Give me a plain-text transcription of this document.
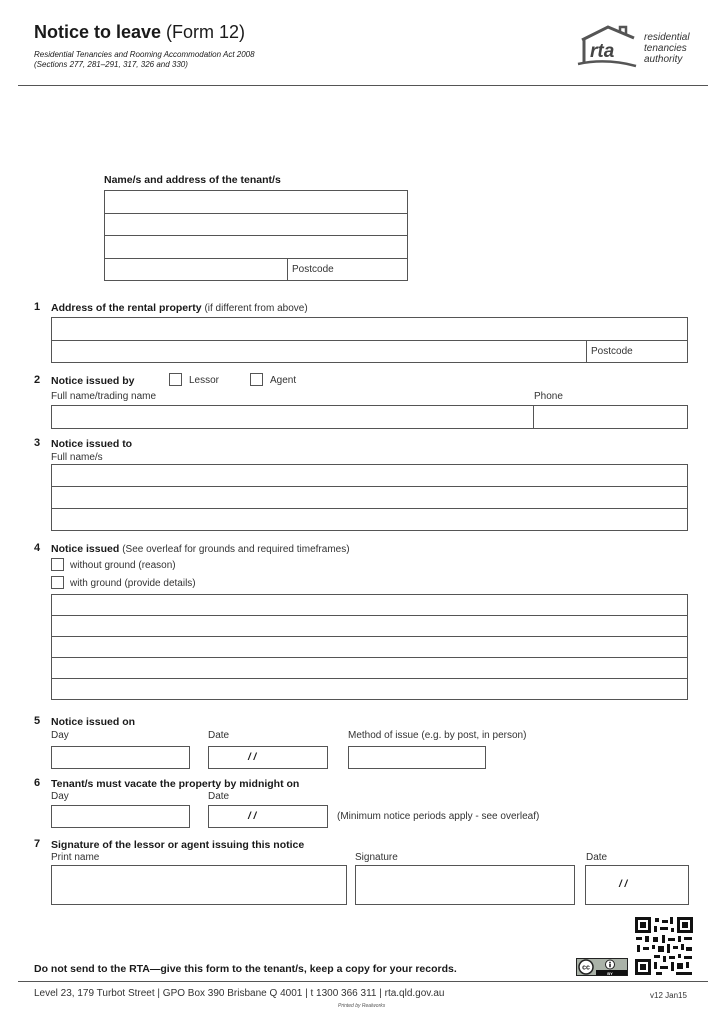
Notice to leave (Form 12)
Residential Tenancies and Rooming Accommodation Act 2008
(Sections 277, 281–291, 317, 326 and 330)
rta
residential
tenancies
authority
Name/s and address of the tenant/s
Postcode
1 Address of the rental property (if different from above)
Postcode
2 Notice issued by	Lessor	Agent
Full name/trading name	Phone
3 Notice issued to
Full name/s
4 Notice issued (See overleaf for grounds and required timeframes)
without ground (reason)
with ground (provide details)
5 Notice issued on
Day	Date	Method of issue (e.g. by post, in person)
/ /
6 Tenant/s must vacate the property by midnight on
Day	Date
/ /	(Minimum notice periods apply - see overleaf)
7 Signature of the lessor or agent issuing this notice
Print name	Signature	Date
/ /
cc
BY
Do not send to the RTA—give this form to the tenant/s, keep a copy for your records.
Level 23, 179 Turbot Street | GPO Box 390 Brisbane Q 4001 | t 1300 366 311 | rta.qld.gov.au	v12 Jan15
Printed by Realworks
